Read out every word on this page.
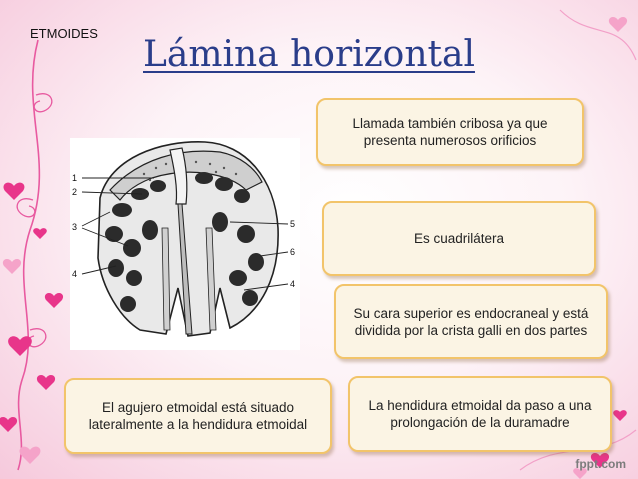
ETMOIDES
Lámina horizontal
1
2
3
4
5
6
4
Llamada también cribosa ya que presenta numerosos orificios
Es cuadrilátera
Su cara superior es endocraneal y está dividida por la crista galli en dos partes
La hendidura etmoidal da paso a una prolongación de la duramadre
El agujero etmoidal está situado lateralmente a la hendidura etmoidal
fppt.com
